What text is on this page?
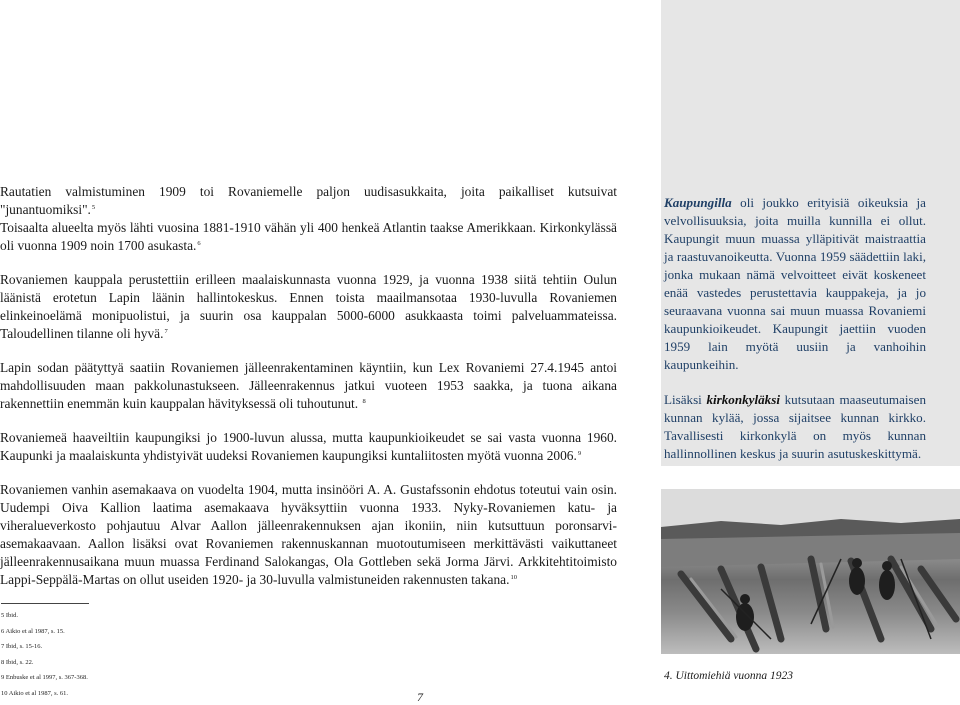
Rautatien valmistuminen 1909 toi Rovaniemelle paljon uudisasukkaita, joita paikalliset kutsuivat "junantuomiksi".$^5$
Toisaalta alueelta myös lähti vuosina 1881-1910 vähän yli 400 henkeä Atlantin taakse Amerikkaan. Kirkonkylässä oli vuonna 1909 noin 1700 asukasta.$^6$

Rovaniemen kauppala perustettiin erilleen maalaiskunnasta vuonna 1929, ja vuonna 1938 siitä tehtiin Oulun läänistä erotetun Lapin läänin hallintokeskus. Ennen toista maailmansotaa 1930-luvulla Rovaniemen elinkeinoelämä monipuolistui, ja suurin osa kauppalan 5000-6000 asukkaasta toimi palveluammateissa. Taloudellinen tilanne oli hyvä.$^7$

Lapin sodan päätyttyä saatiin Rovaniemen jälleenrakentaminen käyntiin, kun Lex Rovaniemi 27.4.1945 antoi mahdollisuuden maan pakkolunastukseen. Jälleenrakennus jatkui vuoteen 1953 saakka, ja tuona aikana rakennettiin enemmän kuin kauppalan hävityksessä oli tuhoutunut. $^8$

Rovaniemeä haaveiltiin kaupungiksi jo 1900-luvun alussa, mutta kaupunkioikeudet se sai vasta vuonna 1960. Kaupunki ja maalaiskunta yhdistyivät uudeksi Rovaniemen kaupungiksi kuntaliitosten myötä vuonna 2006.$^9$

Rovaniemen vanhin asemakaava on vuodelta 1904, mutta insinööri A. A. Gustafssonin ehdotus toteutui vain osin. Uudempi Oiva Kallion laatima asemakaava hyväksyttiin vuonna 1933. Nyky-Rovaniemen katu- ja viheralueverkosto pohjautuu Alvar Aallon jälleenrakennuksen ajan ikoniin, niin kutsuttuun poronsarvi-asemakaavaan. Aallon lisäksi ovat Rovaniemen rakennuskannan muotoutumiseen merkittävästi vaikuttaneet jälleenrakennusaikana muun muassa Ferdinand Salokangas, Ola Gottleben sekä Jorma Järvi. Arkkitehtitoimisto Lappi-Seppälä-Martas on ollut useiden 1920- ja 30-luvulla valmistuneiden rakennusten takana.$^{10}$

Kaupungilla oli joukko erityisiä oikeuksia ja velvollisuuksia, joita muilla kunnilla ei ollut. Kaupungit muun muassa ylläpitivät maistraattia ja raastuvanoikeutta. Vuonna 1959 säädettiin laki, jonka mukaan nämä velvoitteet eivät koskeneet enää vastedes perustettavia kauppakeja, ja jo seuraavana vuonna sai muun muassa Rovaniemi kaupunkioikeudet. Kaupungit jaettiin vuoden 1959 lain myötä uusiin ja vanhoihin kaupunkeihin.

Lisäksi kirkonkyläksi kutsutaan maaseutumaisen kunnan kylää, jossa sijaitsee kunnan kirkko. Tavallisesti kirkonkylä on myös kunnan hallinnollinen keskus ja suurin asutuskeskittymä.

4. Uittomiehiä vuonna 1923
5 Ibid.
6 Aikio et al 1987, s. 15.
7 Ibid, s. 15-16.
8 Ibid, s. 22.
9 Enbuske et al 1997, s. 367-368.
10 Aikio et al 1987, s. 61.	7
